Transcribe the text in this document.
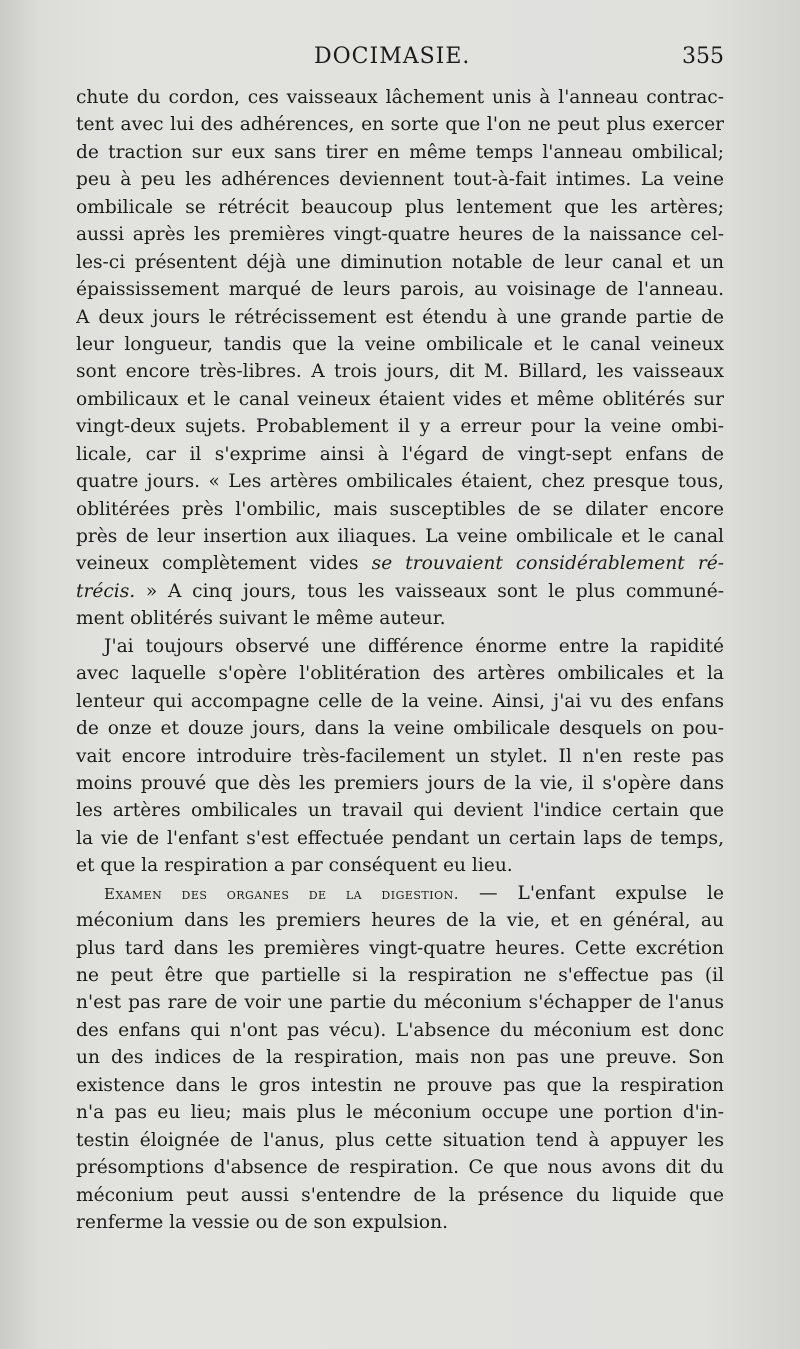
DOCIMASIE.	355
chute du cordon, ces vaisseaux lâchement unis à l'anneau contrac-
tent avec lui des adhérences, en sorte que l'on ne peut plus exercer
de traction sur eux sans tirer en même temps l'anneau ombilical;
peu à peu les adhérences deviennent tout-à-fait intimes. La veine
ombilicale se rétrécit beaucoup plus lentement que les artères;
aussi après les premières vingt-quatre heures de la naissance cel-
les-ci présentent déjà une diminution notable de leur canal et un
épaississement marqué de leurs parois, au voisinage de l'anneau.
A deux jours le rétrécissement est étendu à une grande partie de
leur longueur, tandis que la veine ombilicale et le canal veineux
sont encore très-libres. A trois jours, dit M. Billard, les vaisseaux
ombilicaux et le canal veineux étaient vides et même oblitérés sur
vingt-deux sujets. Probablement il y a erreur pour la veine ombi-
licale, car il s'exprime ainsi à l'égard de vingt-sept enfans de
quatre jours. « Les artères ombilicales étaient, chez presque tous,
oblitérées près l'ombilic, mais susceptibles de se dilater encore
près de leur insertion aux iliaques. La veine ombilicale et le canal
veineux complètement vides se trouvaient considérablement ré-
trécis. » A cinq jours, tous les vaisseaux sont le plus communé-
ment oblitérés suivant le même auteur.
J'ai toujours observé une différence énorme entre la rapidité
avec laquelle s'opère l'oblitération des artères ombilicales et la
lenteur qui accompagne celle de la veine. Ainsi, j'ai vu des enfans
de onze et douze jours, dans la veine ombilicale desquels on pou-
vait encore introduire très-facilement un stylet. Il n'en reste pas
moins prouvé que dès les premiers jours de la vie, il s'opère dans
les artères ombilicales un travail qui devient l'indice certain que
la vie de l'enfant s'est effectuée pendant un certain laps de temps,
et que la respiration a par conséquent eu lieu.
Examen des organes de la digestion. — L'enfant expulse le
méconium dans les premiers heures de la vie, et en général, au
plus tard dans les premières vingt-quatre heures. Cette excrétion
ne peut être que partielle si la respiration ne s'effectue pas (il
n'est pas rare de voir une partie du méconium s'échapper de l'anus
des enfans qui n'ont pas vécu). L'absence du méconium est donc
un des indices de la respiration, mais non pas une preuve. Son
existence dans le gros intestin ne prouve pas que la respiration
n'a pas eu lieu; mais plus le méconium occupe une portion d'in-
testin éloignée de l'anus, plus cette situation tend à appuyer les
présomptions d'absence de respiration. Ce que nous avons dit du
méconium peut aussi s'entendre de la présence du liquide que
renferme la vessie ou de son expulsion.
